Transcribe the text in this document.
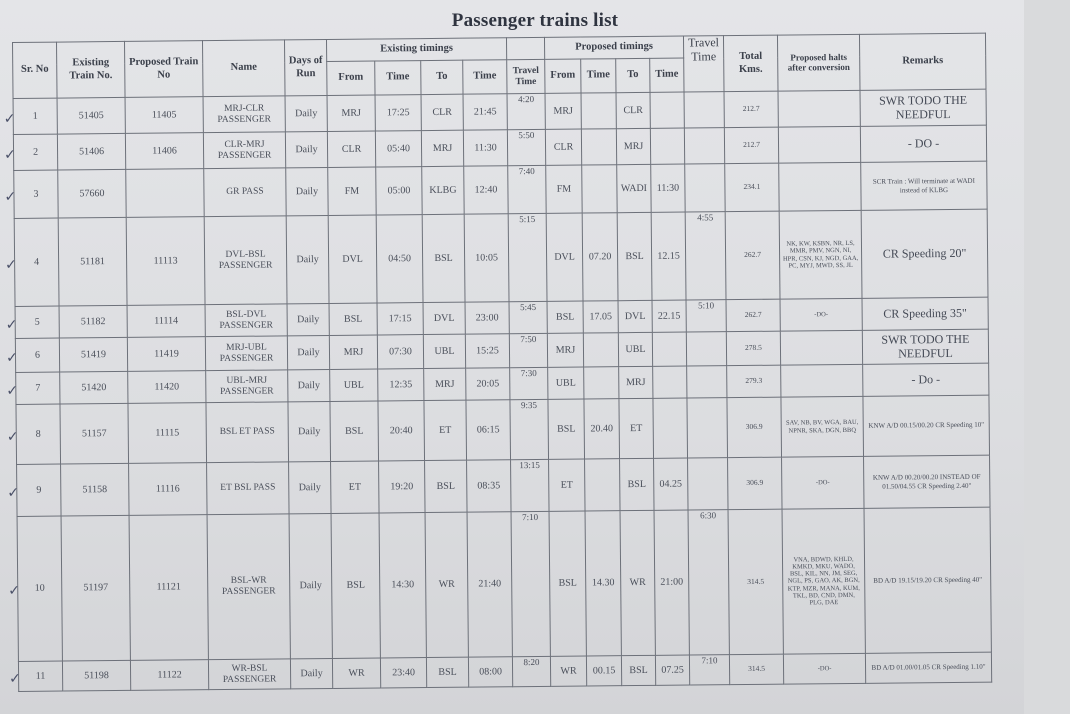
Passenger trains list
Sr. No	Existing Train No.	Proposed Train No	Name	Days of Run	Existing timings					Proposed timings				Travel Time	Total Kms.	Proposed halts after conversion	Remarks
					From	Time	To	Time	Travel Time	From	Time	To	Time				

✓ 1	51405	11405	MRJ-CLR PASSENGER	Daily	MRJ	17:25	CLR	21:45	4:20	MRJ		CLR			212.7		SWR TODO THE NEEDFUL

✓ 2	51406	11406	CLR-MRJ PASSENGER	Daily	CLR	05:40	MRJ	11:30	5:50	CLR		MRJ			212.7		- DO -

✓ 3	57660		GR PASS	Daily	FM	05:00	KLBG	12:40	7:40	FM		WADI	11:30		234.1		SCR Train : Will terminate at WADI instead of KLBG

✓ 4	51181	11113	DVL-BSL PASSENGER	Daily	DVL	04:50	BSL	10:05	5:15	DVL	07.20	BSL	12.15	4:55	262.7	NK, KW, KSBN, NR, LS, MMR, PMV, NGN, NI, HPR, CSN, KJ, NGD, GAA, PC, MYJ, MWD, SS, JL	CR Speeding 20"

✓ 5	51182	11114	BSL-DVL PASSENGER	Daily	BSL	17:15	DVL	23:00	5:45	BSL	17.05	DVL	22.15	5:10	262.7	-DO-	CR Speeding 35"

✓ 6	51419	11419	MRJ-UBL PASSENGER	Daily	MRJ	07:30	UBL	15:25	7:50	MRJ		UBL			278.5		SWR TODO THE NEEDFUL

✓ 7	51420	11420	UBL-MRJ PASSENGER	Daily	UBL	12:35	MRJ	20:05	7:30	UBL		MRJ			279.3		- Do -

✓ 8	51157	11115	BSL ET PASS	Daily	BSL	20:40	ET	06:15	9:35	BSL	20.40	ET			306.9	SAV, NB, BV, WGA, BAU, NPNR, SKA, DGN, BBQ	KNW A/D 00.15/00.20 CR Speeding 10"

✓ 9	51158	11116	ET BSL PASS	Daily	ET	19:20	BSL	08:35	13:15	ET		BSL	04.25		306.9	-DO-	KNW A/D 00.20/00.20 INSTEAD OF 01.50/04.55 CR Speeding 2.40"

✓ 10	51197	11121	BSL-WR PASSENGER	Daily	BSL	14:30	WR	21:40	7:10	BSL	14.30	WR	21:00	6:30	314.5	VNA, BDWD, KHLD, KMKD, MKU, WADO, BSL, KIL, NN, JM, SEG, NGL, PS, GAO, AK, BGN, KTP, MZR, MANA, KUM, TKL, BD, CND, DMN, PLG, DAE	BD A/D 19.15/19.20 CR Speeding 40"

✓ 11	51198	11122	WR-BSL PASSENGER	Daily	WR	23:40	BSL	08:00	8:20	WR	00.15	BSL	07.25	7:10	314.5	-DO-	BD A/D 01.00/01.05 CR Speeding 1.10"
